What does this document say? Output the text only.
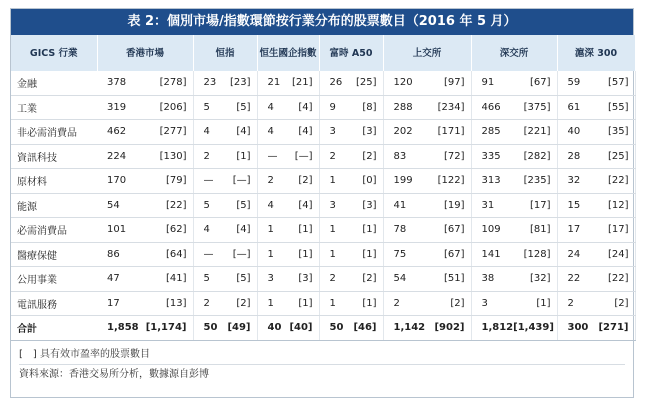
表 2：個別市場/指數環節按行業分布的股票數目（2016 年 5 月）
GICS 行業	香港市場	恒指	恒生國企指數	富時 A50	上交所	深交所	滬深 300
金融	378 [278]	23 [23]	21 [21]	26 [25]	120 [97]	91 [67]	59 [57]

工業	319 [206]	5 [5]	4 [4]	9 [8]	288 [234]	466 [375]	61 [55]

非必需消費品	462 [277]	4 [4]	4 [4]	3 [3]	202 [171]	285 [221]	40 [35]

資訊科技	224 [130]	2 [1]	— [—]	2 [2]	83 [72]	335 [282]	28 [25]

原材料	170 [79]	— [—]	2 [2]	1 [0]	199 [122]	313 [235]	32 [22]

能源	54 [22]	5 [5]	4 [4]	3 [3]	41 [19]	31 [17]	15 [12]

必需消費品	101 [62]	4 [4]	1 [1]	1 [1]	78 [67]	109 [81]	17 [17]

醫療保健	86 [64]	— [—]	1 [1]	1 [1]	75 [67]	141 [128]	24 [24]

公用事業	47 [41]	5 [5]	3 [3]	2 [2]	54 [51]	38 [32]	22 [22]

電訊服務	17 [13]	2 [2]	1 [1]	1 [1]	2 [2]	3 [1]	2 [2]

合計	1,858 [1,174]	50 [49]	40 [40]	50 [46]	1,142 [902]	1,812 [1,439]	300 [271]
[　] 具有效市盈率的股票數目
資料來源：香港交易所分析，數據源自彭博
